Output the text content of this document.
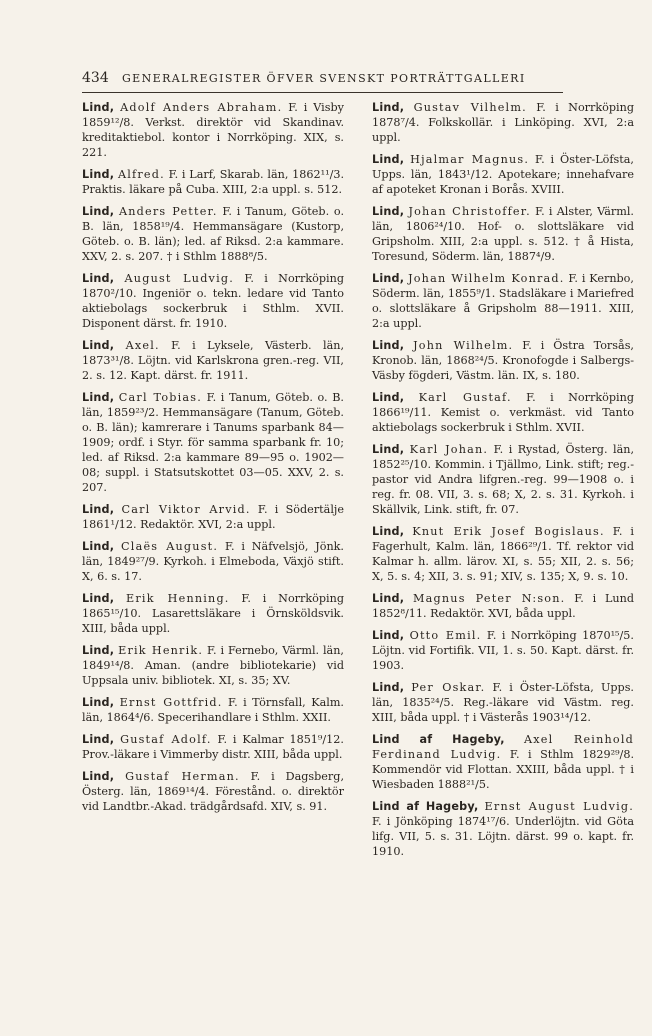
434	GENERALREGISTER ÖFVER SVENSKT PORTRÄTTGALLERI
Lind, Adolf Anders Abraham. F. i Visby 1859¹²/8. Verkst. direktör vid Skandinav. kreditaktiebol. kontor i Norrköping. XIX, s. 221.
Lind, Alfred. F. i Larf, Skarab. län, 1862¹¹/3. Praktis. läkare på Cuba. XIII, 2:a uppl. s. 512.
Lind, Anders Petter. F. i Tanum, Göteb. o. B. län, 1858¹⁹/4. Hemmansägare (Kustorp, Göteb. o. B. län); led. af Riksd. 2:a kammare. XXV, 2. s. 207. † i Sthlm 1888⁸/5.
Lind, August Ludvig. F. i Norrköping 1870²/10. Ingeniör o. tekn. ledare vid Tanto aktiebolags sockerbruk i Sthlm. XVII. Disponent därst. fr. 1910.
Lind, Axel. F. i Lyksele, Västerb. län, 1873³¹/8. Löjtn. vid Karlskrona gren.-reg. VII, 2. s. 12. Kapt. därst. fr. 1911.
Lind, Carl Tobias. F. i Tanum, Göteb. o. B. län, 1859²³/2. Hemmansägare (Tanum, Göteb. o. B. län); kamrerare i Tanums sparbank 84—1909; ordf. i Styr. för samma sparbank fr. 10; led. af Riksd. 2:a kammare 89—95 o. 1902—08; suppl. i Statsutskottet 03—05. XXV, 2. s. 207.
Lind, Carl Viktor Arvid. F. i Södertälje 1861¹/12. Redaktör. XVI, 2:a uppl.
Lind, Claës August. F. i Näfvelsjö, Jönk. län, 1849²⁷/9. Kyrkoh. i Elmeboda, Växjö stift. X, 6. s. 17.
Lind, Erik Henning. F. i Norrköping 1865¹⁵/10. Lasarettsläkare i Örnsköldsvik. XIII, båda uppl.
Lind, Erik Henrik. F. i Fernebo, Värml. län, 1849¹⁴/8. Aman. (andre bibliotekarie) vid Uppsala univ. bibliotek. XI, s. 35; XV.
Lind, Ernst Gottfrid. F. i Törnsfall, Kalm. län, 1864⁴/6. Specerihandlare i Sthlm. XXII.
Lind, Gustaf Adolf. F. i Kalmar 1851⁹/12. Prov.-läkare i Vimmerby distr. XIII, båda uppl.
Lind, Gustaf Herman. F. i Dagsberg, Österg. län, 1869¹⁴/4. Förestånd. o. direktör vid Landtbr.-Akad. trädgårdsafd. XIV, s. 91.
Lind, Gustav Vilhelm. F. i Norrköping 1878⁷/4. Folkskollär. i Linköping. XVI, 2:a uppl.
Lind, Hjalmar Magnus. F. i Öster-Löfsta, Upps. län, 1843¹/12. Apotekare; innehafvare af apoteket Kronan i Borås. XVIII.
Lind, Johan Christoffer. F. i Alster, Värml. län, 1806²⁴/10. Hof- o. slottsläkare vid Gripsholm. XIII, 2:a uppl. s. 512. † å Hista, Toresund, Söderm. län, 1887⁴/9.
Lind, Johan Wilhelm Konrad. F. i Kernbo, Söderm. län, 1855⁹/1. Stadsläkare i Mariefred o. slottsläkare å Gripsholm 88—1911. XIII, 2:a uppl.
Lind, John Wilhelm. F. i Östra Torsås, Kronob. län, 1868²⁴/5. Kronofogde i Salbergs-Väsby fögderi, Västm. län. IX, s. 180.
Lind, Karl Gustaf. F. i Norrköping 1866¹⁹/11. Kemist o. verkmäst. vid Tanto aktiebolags sockerbruk i Sthlm. XVII.
Lind, Karl Johan. F. i Rystad, Österg. län, 1852²⁵/10. Kommin. i Tjällmo, Link. stift; reg.-pastor vid Andra lifgren.-reg. 99—1908 o. i reg. fr. 08. VII, 3. s. 68; X, 2. s. 31. Kyrkoh. i Skällvik, Link. stift, fr. 07.
Lind, Knut Erik Josef Bogislaus. F. i Fagerhult, Kalm. län, 1866²⁹/1. Tf. rektor vid Kalmar h. allm. lärov. XI, s. 55; XII, 2. s. 56; X, 5. s. 4; XII, 3. s. 91; XIV, s. 135; X, 9. s. 10.
Lind, Magnus Peter N:son. F. i Lund 1852⁸/11. Redaktör. XVI, båda uppl.
Lind, Otto Emil. F. i Norrköping 1870¹⁵/5. Löjtn. vid Fortifik. VII, 1. s. 50. Kapt. därst. fr. 1903.
Lind, Per Oskar. F. i Öster-Löfsta, Upps. län, 1835²⁴/5. Reg.-läkare vid Västm. reg. XIII, båda uppl. † i Västerås 1903¹⁴/12.
Lind af Hageby, Axel Reinhold Ferdinand Ludvig. F. i Sthlm 1829²⁹/8. Kommendör vid Flottan. XXIII, båda uppl. † i Wiesbaden 1888²¹/5.
Lind af Hageby, Ernst August Ludvig. F. i Jönköping 1874¹⁷/6. Underlöjtn. vid Göta lifg. VII, 5. s. 31. Löjtn. därst. 99 o. kapt. fr. 1910.
